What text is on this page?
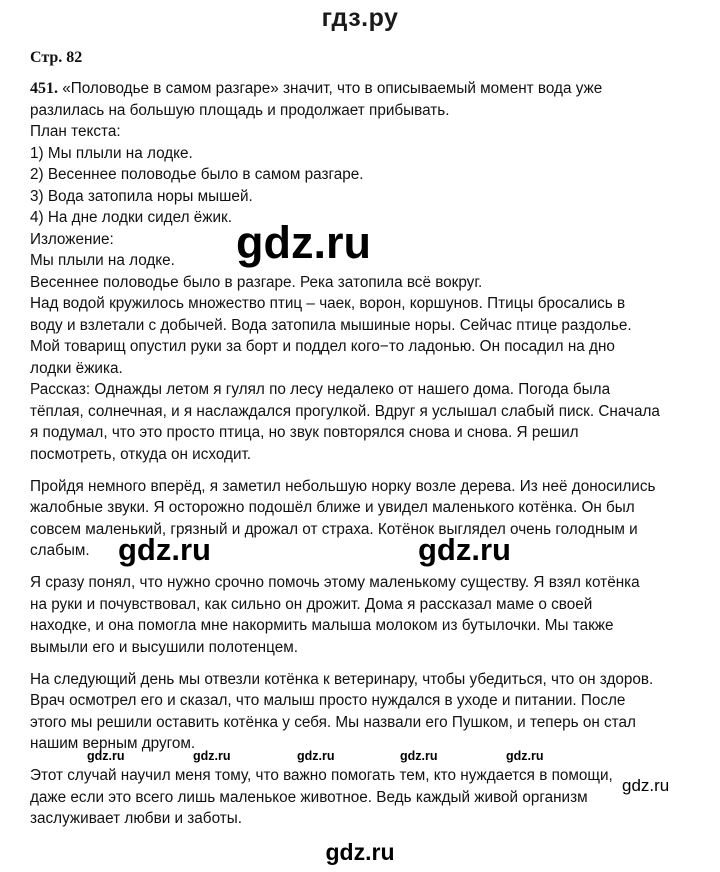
гдз.ру
Стр. 82
451. «Половодье в самом разгаре» значит, что в описываемый момент вода уже
разлилась на большую площадь и продолжает прибывать.
План текста:
1) Мы плыли на лодке.
2) Весеннее половодье было в самом разгаре.
3) Вода затопила норы мышей.
4) На дне лодки сидел ёжик.
Изложение:
Мы плыли на лодке.
Весеннее половодье было в разгаре. Река затопила всё вокруг.
Над водой кружилось множество птиц – чаек, ворон, коршунов. Птицы бросались в
воду и взлетали с добычей. Вода затопила мышиные норы. Сейчас птице раздолье.
Мой товарищ опустил руки за борт и поддел кого−то ладонью. Он посадил на дно
лодки ёжика.
Рассказ: Однажды летом я гулял по лесу недалеко от нашего дома. Погода была
тёплая, солнечная, и я наслаждался прогулкой. Вдруг я услышал слабый писк. Сначала
я подумал, что это просто птица, но звук повторялся снова и снова. Я решил
посмотреть, откуда он исходит.
Пройдя немного вперёд, я заметил небольшую норку возле дерева. Из неё доносились
жалобные звуки. Я осторожно подошёл ближе и увидел маленького котёнка. Он был
совсем маленький, грязный и дрожал от страха. Котёнок выглядел очень голодным и
слабым.
Я сразу понял, что нужно срочно помочь этому маленькому существу. Я взял котёнка
на руки и почувствовал, как сильно он дрожит. Дома я рассказал маме о своей
находке, и она помогла мне накормить малыша молоком из бутылочки. Мы также
вымыли его и высушили полотенцем.
На следующий день мы отвезли котёнка к ветеринару, чтобы убедиться, что он здоров.
Врач осмотрел его и сказал, что малыш просто нуждался в уходе и питании. После
этого мы решили оставить котёнка у себя. Мы назвали его Пушком, и теперь он стал
нашим верным другом.
Этот случай научил меня тому, что важно помогать тем, кто нуждается в помощи,
даже если это всего лишь маленькое животное. Ведь каждый живой организм
заслуживает любви и заботы.
gdz.ru
gdz.ru	gdz.ru
gdz.ru	gdz.ru	gdz.ru	gdz.ru	gdz.ru
gdz.ru
gdz.ru
